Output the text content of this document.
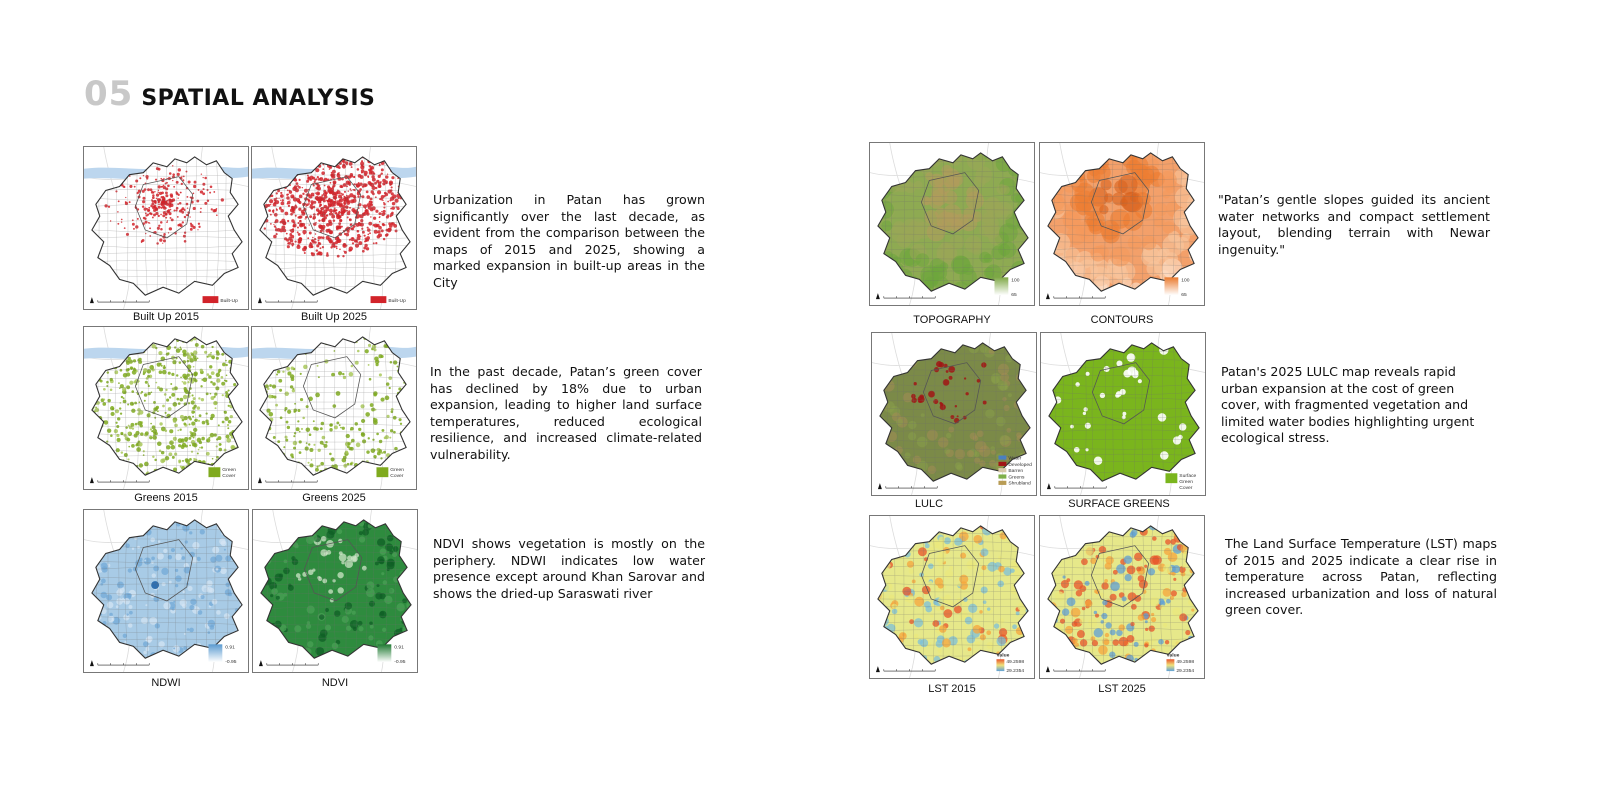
05 SPATIAL ANALYSIS
Built-Up
Built Up 2015
Built-Up
Built Up 2025
Urbanization in Patan has grown significantly over the last decade, as evident from the comparison between the maps of 2015 and 2025, showing a marked expansion in built-up areas in the City
Green
Cover
Greens 2015
Green
Cover
Greens 2025
In the past decade, Patan’s green cover has declined by 18% due to urban expansion, leading to higher land surface temperatures, reduced ecological resilience, and increased climate-related vulnerability.
0.91
-0.95
NDWI
0.91
-0.95
NDVI
NDVI shows vegetation is mostly on the periphery. NDWI indicates low water presence except around Khan Sarovar and shows the dried-up Saraswati river
100
65
TOPOGRAPHY
100
65
CONTOURS
"Patan’s gentle slopes guided its ancient water networks and compact settlement layout, blending terrain with Newar ingenuity."
Water
Developed
Barren
Greens
Shrubland
LULC
Surface
Green
Cover
SURFACE GREENS
Patan's 2025 LULC map reveals rapid urban expansion at the cost of green cover, with fragmented vegetation and limited water bodies highlighting urgent ecological stress.
Value
49.2598
29.2354
LST 2015
Value
49.2598
29.2354
LST 2025
The Land Surface Temperature (LST) maps of 2015 and 2025 indicate a clear rise in temperature across Patan, reflecting increased urbanization and loss of natural green cover.
